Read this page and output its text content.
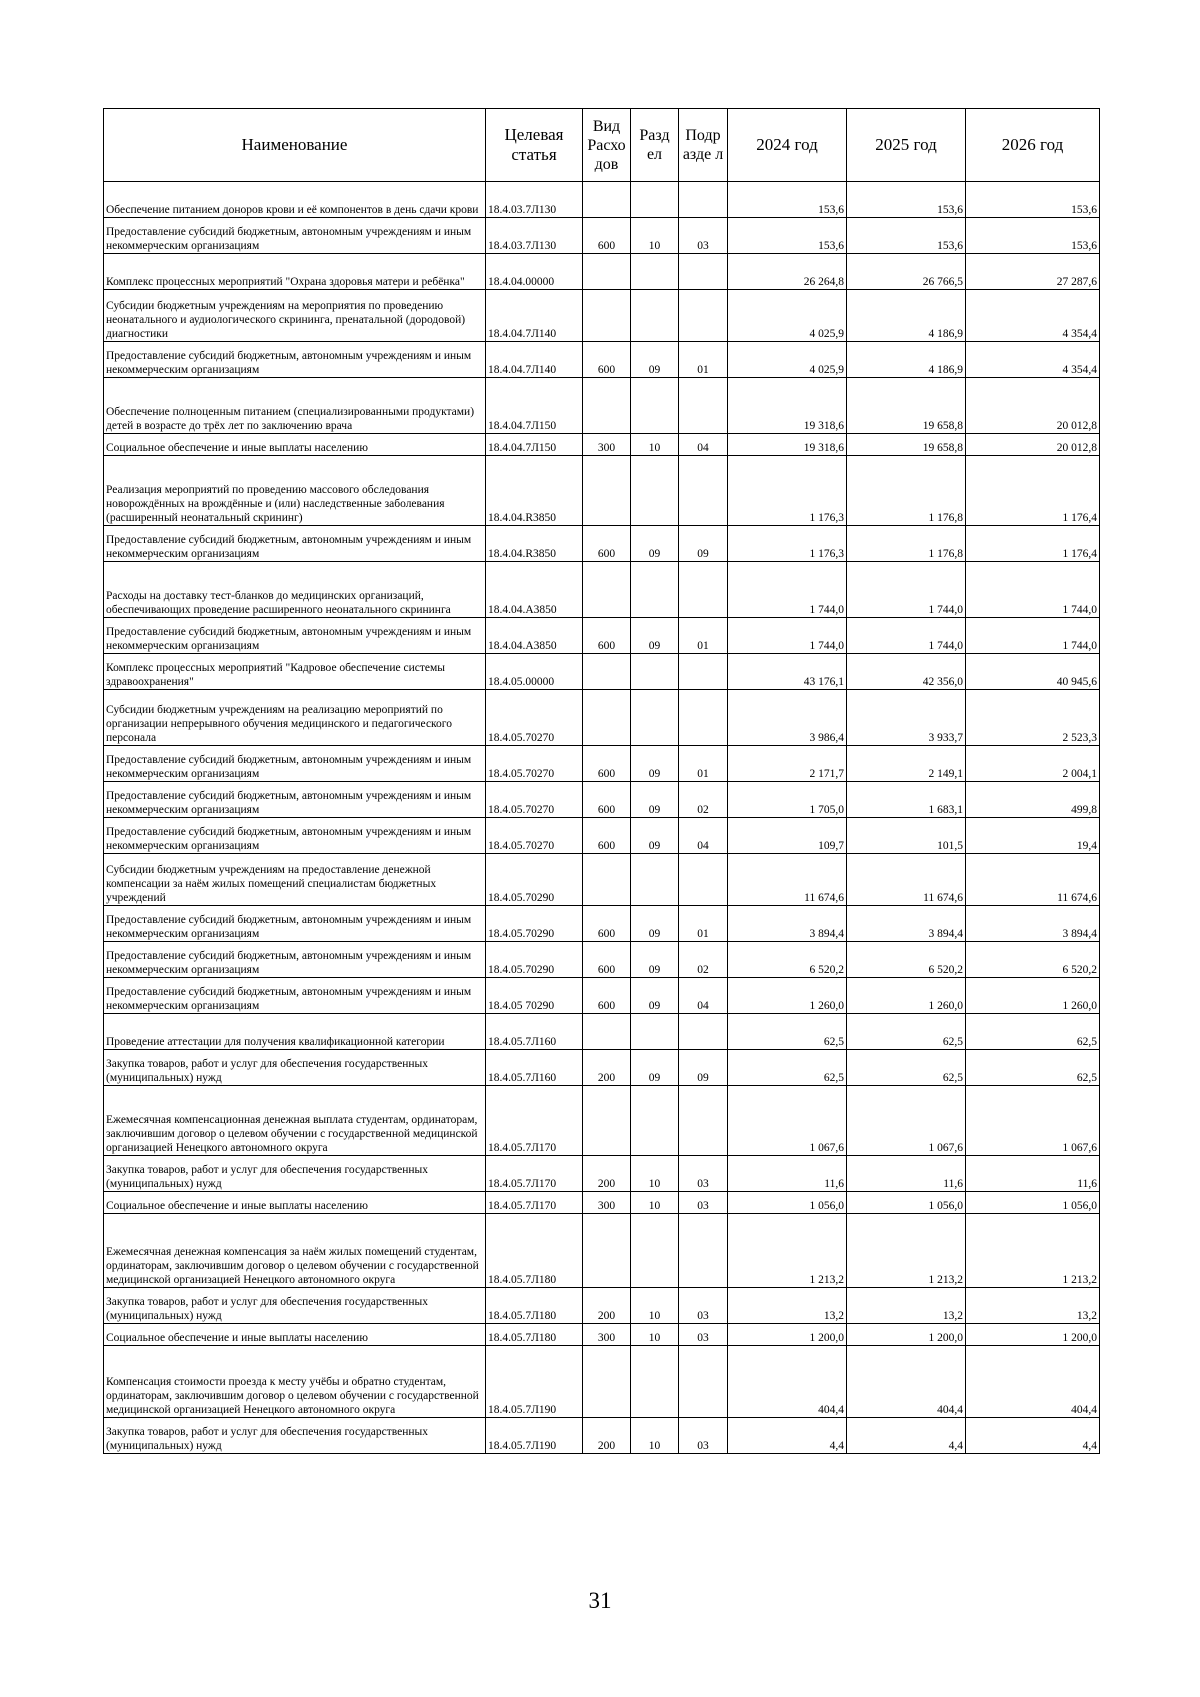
Наименование	Целевая статья	Вид Расхо дов	Разд ел	Подр азде л	2024 год	2025 год	2026 год
Обеспечение питанием доноров крови и её компонентов в день сдачи крови	18.4.03.7Л130				153,6	153,6	153,6
Предоставление субсидий бюджетным, автономным учреждениям и иным некоммерческим организациям	18.4.03.7Л130	600	10	03	153,6	153,6	153,6
Комплекс процессных мероприятий "Охрана здоровья матери и ребёнка"	18.4.04.00000				26 264,8	26 766,5	27 287,6
Субсидии бюджетным учреждениям на мероприятия по проведению неонатального и аудиологического скрининга, пренатальной (дородовой) диагностики	18.4.04.7Л140				4 025,9	4 186,9	4 354,4
Предоставление субсидий бюджетным, автономным учреждениям и иным некоммерческим организациям	18.4.04.7Л140	600	09	01	4 025,9	4 186,9	4 354,4
Обеспечение полноценным питанием (специализированными продуктами) детей в возрасте до трёх лет по заключению врача	18.4.04.7Л150				19 318,6	19 658,8	20 012,8
Социальное обеспечение и иные выплаты населению	18.4.04.7Л150	300	10	04	19 318,6	19 658,8	20 012,8
Реализация мероприятий по проведению массового обследования новорождённых на врождённые и (или) наследственные заболевания (расширенный неонатальный скрининг)	18.4.04.R3850				1 176,3	1 176,8	1 176,4
Предоставление субсидий бюджетным, автономным учреждениям и иным некоммерческим организациям	18.4.04.R3850	600	09	09	1 176,3	1 176,8	1 176,4
Расходы на доставку тест-бланков до медицинских организаций, обеспечивающих проведение расширенного неонатального скрининга	18.4.04.А3850				1 744,0	1 744,0	1 744,0
Предоставление субсидий бюджетным, автономным учреждениям и иным некоммерческим организациям	18.4.04.А3850	600	09	01	1 744,0	1 744,0	1 744,0
Комплекс процессных мероприятий "Кадровое обеспечение системы здравоохранения"	18.4.05.00000				43 176,1	42 356,0	40 945,6
Субсидии бюджетным учреждениям на реализацию мероприятий по организации непрерывного обучения медицинского и педагогического персонала	18.4.05.70270				3 986,4	3 933,7	2 523,3
Предоставление субсидий бюджетным, автономным учреждениям и иным некоммерческим организациям	18.4.05.70270	600	09	01	2 171,7	2 149,1	2 004,1
Предоставление субсидий бюджетным, автономным учреждениям и иным некоммерческим организациям	18.4.05.70270	600	09	02	1 705,0	1 683,1	499,8
Предоставление субсидий бюджетным, автономным учреждениям и иным некоммерческим организациям	18.4.05.70270	600	09	04	109,7	101,5	19,4
Субсидии бюджетным учреждениям на предоставление денежной компенсации за наём жилых помещений специалистам бюджетных учреждений	18.4.05.70290				11 674,6	11 674,6	11 674,6
Предоставление субсидий бюджетным, автономным учреждениям и иным некоммерческим организациям	18.4.05.70290	600	09	01	3 894,4	3 894,4	3 894,4
Предоставление субсидий бюджетным, автономным учреждениям и иным некоммерческим организациям	18.4.05.70290	600	09	02	6 520,2	6 520,2	6 520,2
Предоставление субсидий бюджетным, автономным учреждениям и иным некоммерческим организациям	18.4.05 70290	600	09	04	1 260,0	1 260,0	1 260,0
Проведение аттестации для получения квалификационной категории	18.4.05.7Л160				62,5	62,5	62,5
Закупка товаров, работ и услуг для обеспечения государственных (муниципальных) нужд	18.4.05.7Л160	200	09	09	62,5	62,5	62,5
Ежемесячная компенсационная денежная выплата студентам, ординаторам, заключившим договор о целевом обучении с государственной медицинской организацией Ненецкого автономного округа	18.4.05.7Л170				1 067,6	1 067,6	1 067,6
Закупка товаров, работ и услуг для обеспечения государственных (муниципальных) нужд	18.4.05.7Л170	200	10	03	11,6	11,6	11,6
Социальное обеспечение и иные выплаты населению	18.4.05.7Л170	300	10	03	1 056,0	1 056,0	1 056,0
Ежемесячная денежная компенсация за наём жилых помещений студентам, ординаторам, заключившим договор о целевом обучении с государственной медицинской организацией Ненецкого автономного округа	18.4.05.7Л180				1 213,2	1 213,2	1 213,2
Закупка товаров, работ и услуг для обеспечения государственных (муниципальных) нужд	18.4.05.7Л180	200	10	03	13,2	13,2	13,2
Социальное обеспечение и иные выплаты населению	18.4.05.7Л180	300	10	03	1 200,0	1 200,0	1 200,0
Компенсация стоимости проезда к месту учёбы и обратно студентам, ординаторам, заключившим договор о целевом обучении с государственной медицинской организацией Ненецкого автономного округа	18.4.05.7Л190				404,4	404,4	404,4
Закупка товаров, работ и услуг для обеспечения государственных (муниципальных) нужд	18.4.05.7Л190	200	10	03	4,4	4,4	4,4
31
